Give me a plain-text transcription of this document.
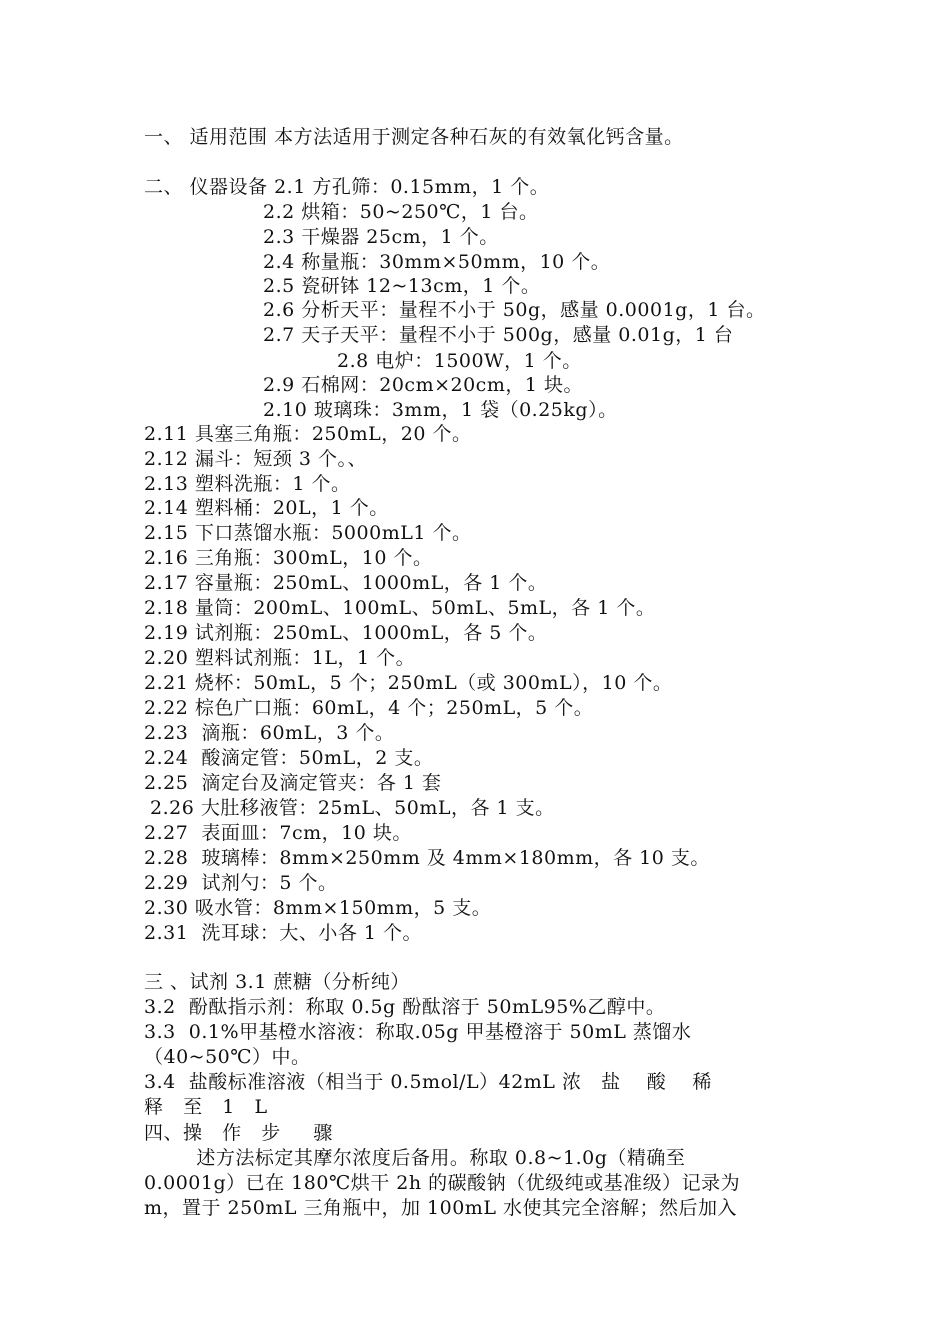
一、 适用范围 本方法适用于测定各种石灰的有效氧化钙含量。
二、 仪器设备 2.1 方孔筛：0.15mm，1 个。
2.2 烘箱：50~250℃，1 台。
2.3 干燥器 25cm，1 个。
2.4 称量瓶：30mm×50mm，10 个。
2.5 瓷研钵 12~13cm，1 个。
2.6 分析天平：量程不小于 50g，感量 0.0001g，1 台。
2.7 天子天平：量程不小于 500g，感量 0.01g，1 台
2.8 电炉：1500W，1 个。
2.9 石棉网：20cm×20cm，1 块。
2.10 玻璃珠：3mm，1 袋（0.25kg）。
2.11 具塞三角瓶：250mL，20 个。
2.12 漏斗：短颈 3 个。、
2.13 塑料洗瓶：1 个。
2.14 塑料桶：20L，1 个。
2.15 下口蒸馏水瓶：5000mL1 个。
2.16 三角瓶：300mL，10 个。
2.17 容量瓶：250mL、1000mL，各 1 个。
2.18 量筒：200mL、100mL、50mL、5mL，各 1 个。
2.19 试剂瓶：250mL、1000mL，各 5 个。
2.20 塑料试剂瓶：1L，1 个。
2.21 烧杯：50mL，5 个；250mL（或 300mL），10 个。
2.22 棕色广口瓶：60mL，4 个；250mL，5 个。
2.23  滴瓶：60mL，3 个。
2.24  酸滴定管：50mL，2 支。
2.25  滴定台及滴定管夹：各 1 套
2.26 大肚移液管：25mL、50mL，各 1 支。
2.27  表面皿：7cm，10 块。
2.28  玻璃棒：8mm×250mm 及 4mm×180mm，各 10 支。
2.29  试剂勺：5 个。
2.30 吸水管：8mm×150mm，5 支。
2.31  洗耳球：大、小各 1 个。
三 、试剂 3.1 蔗糖（分析纯）
3.2  酚酞指示剂：称取 0.5g 酚酞溶于 50mL95%乙醇中。
3.3  0.1%甲基橙水溶液：称取.05g 甲基橙溶于 50mL 蒸馏水
（40~50℃）中。
3.4  盐酸标准溶液（相当于 0.5mol/L）42mL 浓   盐    酸    稀
释   至   1   L
四、操   作   步     骤
述方法标定其摩尔浓度后备用。称取 0.8~1.0g（精确至
0.0001g）已在 180℃烘干 2h 的碳酸钠（优级纯或基准级）记录为
m，置于 250mL 三角瓶中，加 100mL 水使其完全溶解；然后加入
